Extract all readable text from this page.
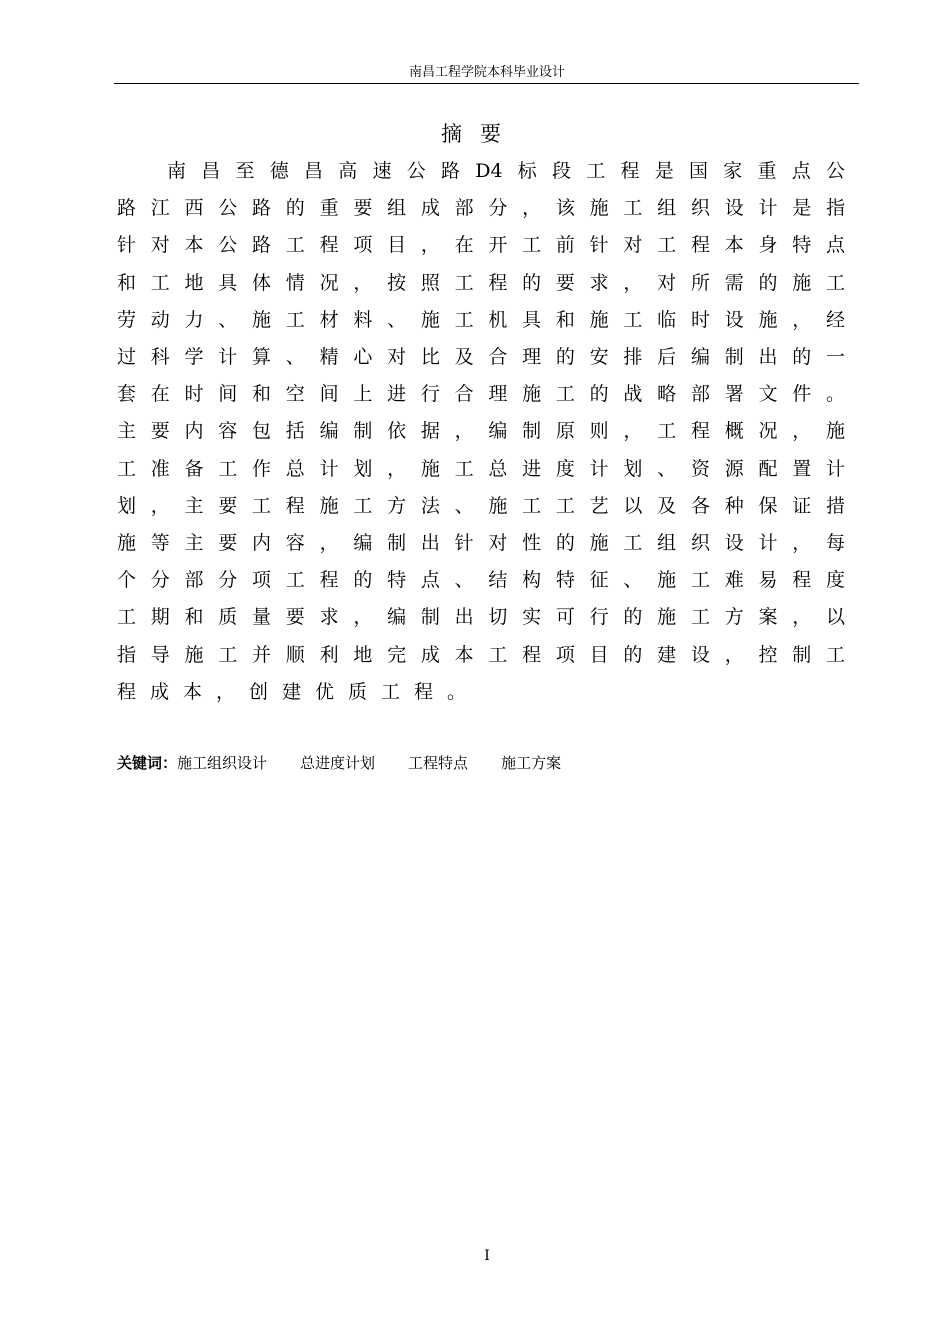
南昌工程学院本科毕业设计
摘要
南昌至德昌高速公路D4标段工程是国家重点公
路江西公路的重要组成部分，该施工组织设计是指
针对本公路工程项目，在开工前针对工程本身特点
和工地具体情况，按照工程的要求，对所需的施工
劳动力、施工材料、施工机具和施工临时设施，经
过科学计算、精心对比及合理的安排后编制出的一
套在时间和空间上进行合理施工的战略部署文件。
主要内容包括编制依据，编制原则，工程概况，施
工准备工作总计划，施工总进度计划、资源配置计
划，主要工程施工方法、施工工艺以及各种保证措
施等主要内容，编制出针对性的施工组织设计，每
个分部分项工程的特点、结构特征、施工难易程度
工期和质量要求，编制出切实可行的施工方案，以
指导施工并顺利地完成本工程项目的建设，控制工
程成本，创建优质工程。
关键词：施工组织设计 总进度计划 工程特点 施工方案
I
